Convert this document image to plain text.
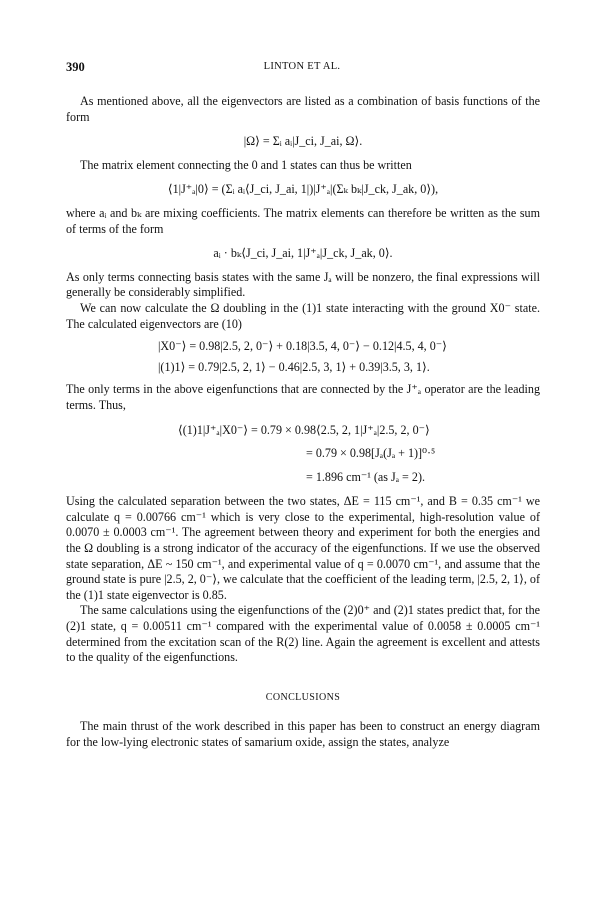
390	LINTON ET AL.

As mentioned above, all the eigenvectors are listed as a combination of basis functions of the form

|Ω⟩ = Σᵢ aᵢ|J_ci, J_ai, Ω⟩.

The matrix element connecting the 0 and 1 states can thus be written

⟨1|J⁺ₐ|0⟩ = (Σᵢ aᵢ⟨J_ci, J_ai, 1|)|J⁺ₐ|(Σₖ bₖ|J_ck, J_ak, 0⟩),

where aᵢ and bₖ are mixing coefficients. The matrix elements can therefore be written as the sum of terms of the form

aᵢ · bₖ⟨J_ci, J_ai, 1|J⁺ₐ|J_ck, J_ak, 0⟩.

As only terms connecting basis states with the same Jₐ will be nonzero, the final expressions will generally be considerably simplified.

We can now calculate the Ω doubling in the (1)1 state interacting with the ground X0⁻ state. The calculated eigenvectors are (10)

|X0⁻⟩ = 0.98|2.5, 2, 0⁻⟩ + 0.18|3.5, 4, 0⁻⟩ − 0.12|4.5, 4, 0⁻⟩
|(1)1⟩ = 0.79|2.5, 2, 1⟩ − 0.46|2.5, 3, 1⟩ + 0.39|3.5, 3, 1⟩.

The only terms in the above eigenfunctions that are connected by the J⁺ₐ operator are the leading terms. Thus,

⟨(1)1|J⁺ₐ|X0⁻⟩ = 0.79 × 0.98⟨2.5, 2, 1|J⁺ₐ|2.5, 2, 0⁻⟩
= 0.79 × 0.98[Jₐ(Jₐ + 1)]⁰·⁵
= 1.896 cm⁻¹ (as Jₐ = 2).

Using the calculated separation between the two states, ΔE = 115 cm⁻¹, and B = 0.35 cm⁻¹ we calculate q = 0.00766 cm⁻¹ which is very close to the experimental, high-resolution value of 0.0070 ± 0.0003 cm⁻¹. The agreement between theory and experiment for both the energies and the Ω doubling is a strong indicator of the accuracy of the eigenfunctions. If we use the observed state separation, ΔE ~ 150 cm⁻¹, and experimental value of q = 0.0070 cm⁻¹, and assume that the ground state is pure |2.5, 2, 0⁻⟩, we calculate that the coefficient of the leading term, |2.5, 2, 1⟩, of the (1)1 state eigenvector is 0.85.

The same calculations using the eigenfunctions of the (2)0⁺ and (2)1 states predict that, for the (2)1 state, q = 0.00511 cm⁻¹ compared with the experimental value of 0.0058 ± 0.0005 cm⁻¹ determined from the excitation scan of the R(2) line. Again the agreement is excellent and attests to the quality of the eigenfunctions.

CONCLUSIONS

The main thrust of the work described in this paper has been to construct an energy diagram for the low-lying electronic states of samarium oxide, assign the states, analyze
